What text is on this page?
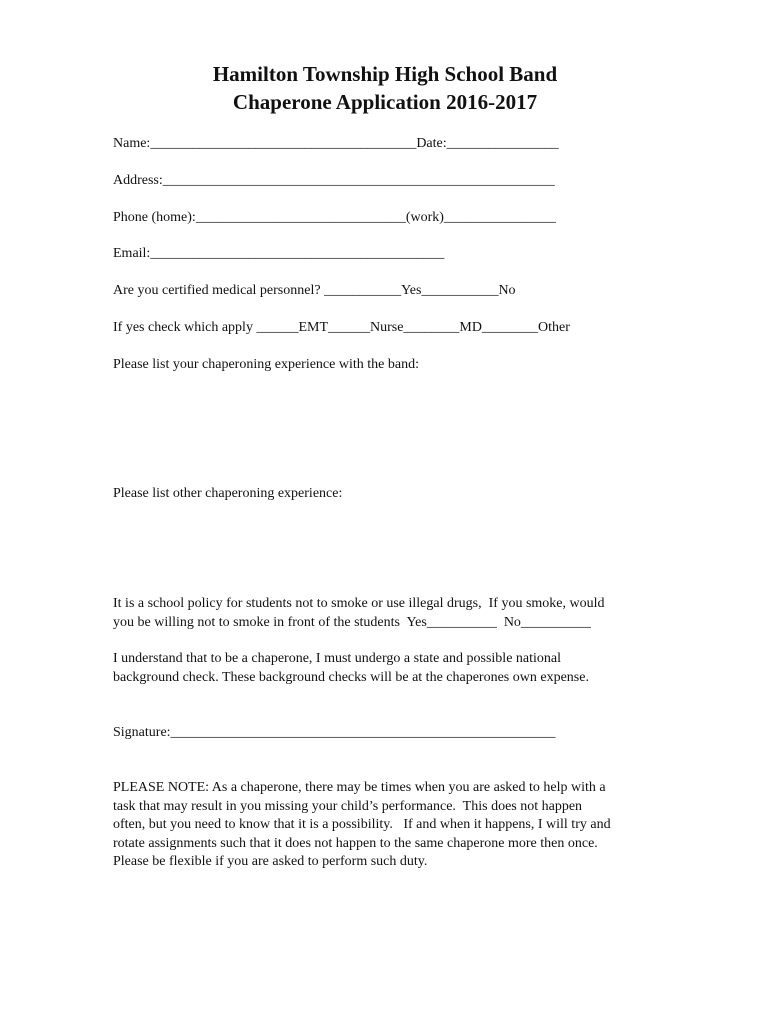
Hamilton Township High School Band
Chaperone Application 2016-2017
Name:______________________________________Date:________________
Address:________________________________________________________
Phone (home):______________________________(work)________________
Email:__________________________________________
Are you certified medical personnel? ___________Yes___________No
If yes check which apply ______EMT______Nurse________MD________Other
Please list your chaperoning experience with the band:
Please list other chaperoning experience:
It is a school policy for students not to smoke or use illegal drugs,  If you smoke, would
you be willing not to smoke in front of the students  Yes__________  No__________
I understand that to be a chaperone, I must undergo a state and possible national
background check. These background checks will be at the chaperones own expense.
Signature:_______________________________________________________
PLEASE NOTE: As a chaperone, there may be times when you are asked to help with a
task that may result in you missing your child’s performance.  This does not happen
often, but you need to know that it is a possibility.   If and when it happens, I will try and
rotate assignments such that it does not happen to the same chaperone more then once.
Please be flexible if you are asked to perform such duty.
